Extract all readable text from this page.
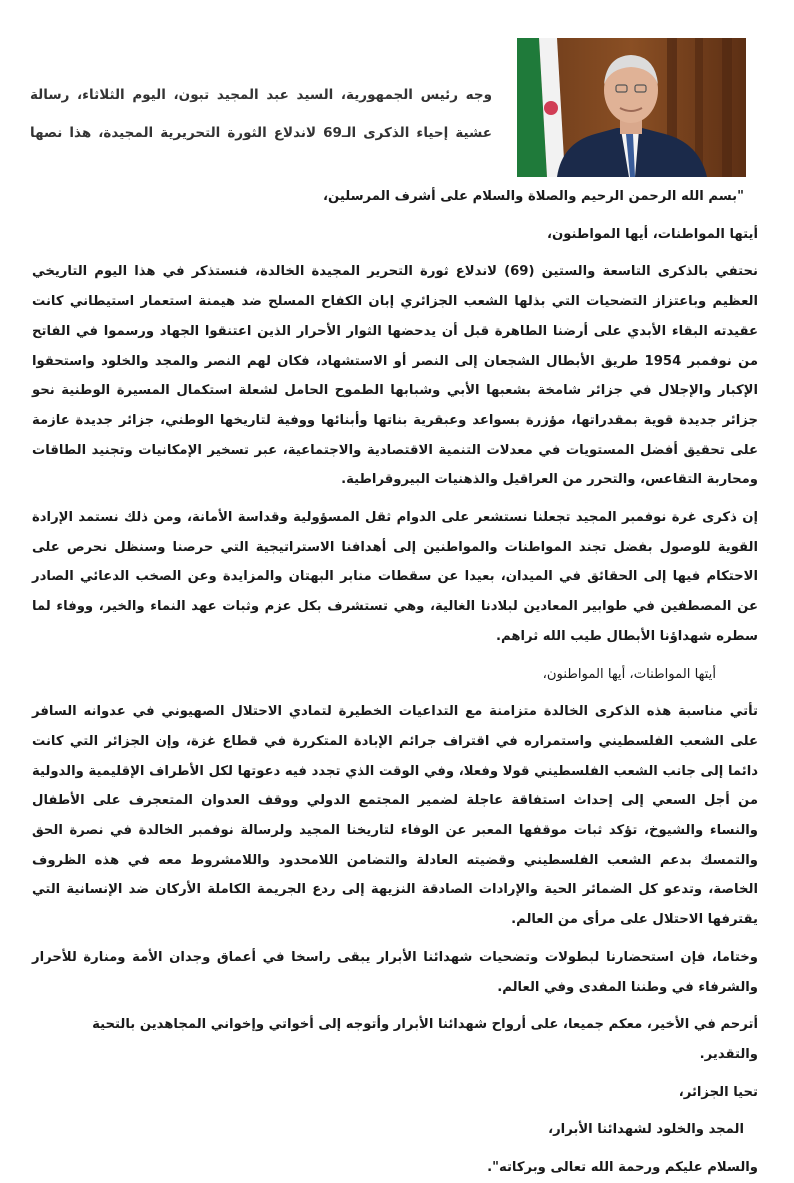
وجه رئيس الجمهورية، السيد عبد المجيد تبون، اليوم الثلاثاء، رسالة

عشية إحياء الذكرى الـ69 لاندلاع الثورة التحريرية المجيدة، هذا نصها

"بسم الله الرحمن الرحيم والصلاة والسلام على أشرف المرسلين،

أيتها المواطنات، أيها المواطنون،

نحتفي بالذكرى التاسعة والستين (69) لاندلاع ثورة التحرير المجيدة الخالدة، فنستذكر في هذا اليوم التاريخي العظيم وباعتزاز التضحيات التي بذلها الشعب الجزائري إبان الكفاح المسلح ضد هيمنة استعمار استيطاني كانت عقيدته البقاء الأبدي على أرضنا الطاهرة قبل أن يدحضها الثوار الأحرار الذين اعتنقوا الجهاد ورسموا في الفاتح من نوفمبر 1954 طريق الأبطال الشجعان إلى النصر أو الاستشهاد، فكان لهم النصر والمجد والخلود واستحقوا الإكبار والإجلال في جزائر شامخة بشعبها الأبي وشبابها الطموح الحامل لشعلة استكمال المسيرة الوطنية نحو جزائر جديدة قوية بمقدراتها، مؤزرة بسواعد وعبقرية بناتها وأبنائها ووفية لتاريخها الوطني، جزائر جديدة عازمة على تحقيق أفضل المستويات في معدلات التنمية الاقتصادية والاجتماعية، عبر تسخير الإمكانيات وتجنيد الطاقات ومحاربة التقاعس، والتحرر من العراقيل والذهنيات البيروقراطية.

إن ذكرى غرة نوفمبر المجيد تجعلنا نستشعر على الدوام ثقل المسؤولية وقداسة الأمانة، ومن ذلك نستمد الإرادة القوية للوصول بفضل تجند المواطنات والمواطنين إلى أهدافنا الاستراتيجية التي حرصنا وسنظل نحرص على الاحتكام فيها إلى الحقائق في الميدان، بعيدا عن سقطات منابر البهتان والمزايدة وعن الصخب الدعائي الصادر عن المصطفين في طوابير المعادين لبلادنا الغالية، وهي تستشرف بكل عزم وثبات عهد النماء والخير، ووفاء لما سطره شهداؤنا الأبطال طيب الله ثراهم.

أيتها المواطنات، أيها المواطنون،

تأتي مناسبة هذه الذكرى الخالدة متزامنة مع التداعيات الخطيرة لتمادي الاحتلال الصهيوني في عدوانه السافر على الشعب الفلسطيني واستمراره في اقتراف جرائم الإبادة المتكررة في قطاع غزة، وإن الجزائر التي كانت دائما إلى جانب الشعب الفلسطيني قولا وفعلا، وفي الوقت الذي تجدد فيه دعوتها لكل الأطراف الإقليمية والدولية من أجل السعي إلى إحداث استفاقة عاجلة لضمير المجتمع الدولي ووقف العدوان المتعجرف على الأطفال والنساء والشيوخ، تؤكد ثبات موقفها المعبر عن الوفاء لتاريخنا المجيد ولرسالة نوفمبر الخالدة في نصرة الحق والتمسك بدعم الشعب الفلسطيني وقضيته العادلة والتضامن اللامحدود واللامشروط معه في هذه الظروف الخاصة، وتدعو كل الضمائر الحية والإرادات الصادقة النزيهة إلى ردع الجريمة الكاملة الأركان ضد الإنسانية التي يقترفها الاحتلال على مرأى من العالم.

وختاما، فإن استحضارنا لبطولات وتضحيات شهدائنا الأبرار يبقى راسخا في أعماق وجدان الأمة ومنارة للأحرار والشرفاء في وطننا المفدى وفي العالم.

أترحم في الأخير، معكم جميعا، على أرواح شهدائنا الأبرار وأتوجه إلى أخواتي وإخواني المجاهدين بالتحية والتقدير.

تحيا الجزائر،

المجد والخلود لشهدائنا الأبرار،

والسلام عليكم ورحمة الله تعالى وبركاته".
